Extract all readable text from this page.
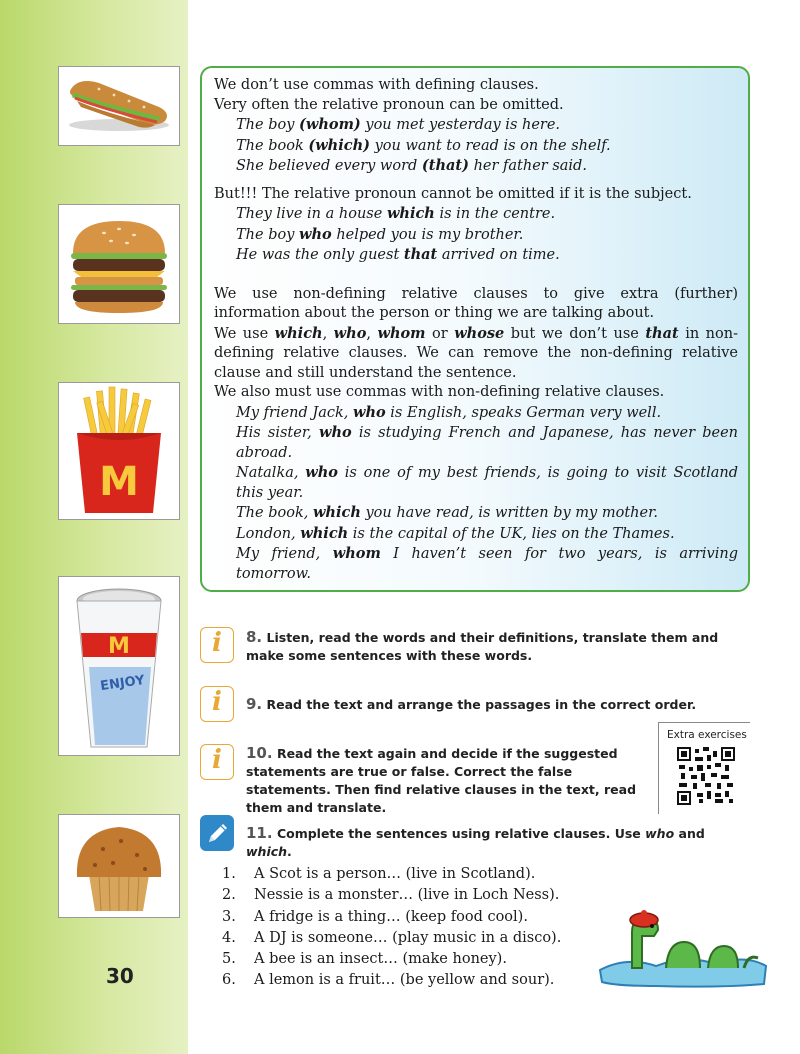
M
M
ENJOY
30

We don’t use commas with defining clauses.

Very often the relative pronoun can be omitted.

The boy (whom) you met yesterday is here.

The book (which) you want to read is on the shelf.

She believed every word (that) her father said.

But!!! The relative pronoun cannot be omitted if it is the subject.

They live in a house which is in the centre.

The boy who helped you is my brother.

He was the only guest that arrived on time.

We use non-defining relative clauses to give extra (further) information about the person or thing we are talking about.

We use which, who, whom or whose but we don’t use that in non-defining relative clauses. We can remove the non-defining relative clause and still understand the sentence.

We also must use commas with non-defining relative clauses.

My friend Jack, who is English, speaks German very well.

His sister, who is studying French and Japanese, has never been abroad.

Natalka, who is one of my best friends, is going to visit Scotland this year.

The book, which you have read, is written by my mother.

London, which is the capital of the UK, lies on the Thames.

My friend, whom I haven’t seen for two years, is arriving tomorrow.

i	8. Listen, read the words and their definitions, translate them and make some sentences with these words.
i	9. Read the text and arrange the passages in the correct order.
i	10. Read the text again and decide if the suggested statements are true or false. Correct the false statements. Then find relative clauses in the text, read them and translate.
Extra exercises
11. Complete the sentences using relative clauses. Use who and which.
1.	A Scot is a person… (live in Scotland).
2.	Nessie is a monster… (live in Loch Ness).
3.	A fridge is a thing… (keep food cool).
4.	A DJ is someone… (play music in a disco).
5.	A bee is an insect… (make honey).
6.	A lemon is a fruit… (be yellow and sour).
